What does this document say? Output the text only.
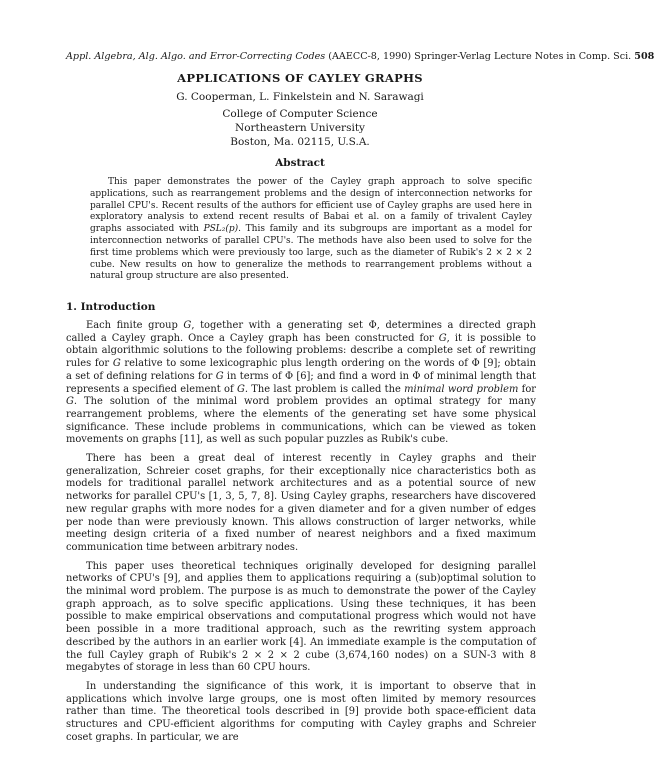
Appl. Algebra, Alg. Algo. and Error-Correcting Codes (AAECC-8, 1990) Springer-Verlag Lecture Notes in Comp. Sci. 508
APPLICATIONS OF CAYLEY GRAPHS
G. Cooperman, L. Finkelstein and N. Sarawagi
College of Computer Science
Northeastern University
Boston, Ma. 02115, U.S.A.
Abstract
This paper demonstrates the power of the Cayley graph approach to solve specific applications, such as rearrangement problems and the design of interconnection networks for parallel CPU's. Recent results of the authors for efficient use of Cayley graphs are used here in exploratory analysis to extend recent results of Babai et al. on a family of trivalent Cayley graphs associated with PSL₂(p). This family and its subgroups are important as a model for interconnection networks of parallel CPU's. The methods have also been used to solve for the first time problems which were previously too large, such as the diameter of Rubik's 2 × 2 × 2 cube. New results on how to generalize the methods to rearrangement problems without a natural group structure are also presented.
1. Introduction

Each finite group G, together with a generating set Φ, determines a directed graph called a Cayley graph. Once a Cayley graph has been constructed for G, it is possible to obtain algorithmic solutions to the following problems: describe a complete set of rewriting rules for G relative to some lexicographic plus length ordering on the words of Φ [9]; obtain a set of defining relations for G in terms of Φ [6]; and find a word in Φ of minimal length that represents a specified element of G. The last problem is called the minimal word problem for G. The solution of the minimal word problem provides an optimal strategy for many rearrangement problems, where the elements of the generating set have some physical significance. These include problems in communications, which can be viewed as token movements on graphs [11], as well as such popular puzzles as Rubik's cube.

There has been a great deal of interest recently in Cayley graphs and their generalization, Schreier coset graphs, for their exceptionally nice characteristics both as models for traditional parallel network architectures and as a potential source of new networks for parallel CPU's [1, 3, 5, 7, 8]. Using Cayley graphs, researchers have discovered new regular graphs with more nodes for a given diameter and for a given number of edges per node than were previously known. This allows construction of larger networks, while meeting design criteria of a fixed number of nearest neighbors and a fixed maximum communication time between arbitrary nodes.

This paper uses theoretical techniques originally developed for designing parallel networks of CPU's [9], and applies them to applications requiring a (sub)optimal solution to the minimal word problem. The purpose is as much to demonstrate the power of the Cayley graph approach, as to solve specific applications. Using these techniques, it has been possible to make empirical observations and computational progress which would not have been possible in a more traditional approach, such as the rewriting system approach described by the authors in an earlier work [4]. An immediate example is the computation of the full Cayley graph of Rubik's 2 × 2 × 2 cube (3,674,160 nodes) on a SUN-3 with 8 megabytes of storage in less than 60 CPU hours.

In understanding the significance of this work, it is important to observe that in applications which involve large groups, one is most often limited by memory resources rather than time. The theoretical tools described in [9] provide both space-efficient data structures and CPU-efficient algorithms for computing with Cayley graphs and Schreier coset graphs. In particular, we are
